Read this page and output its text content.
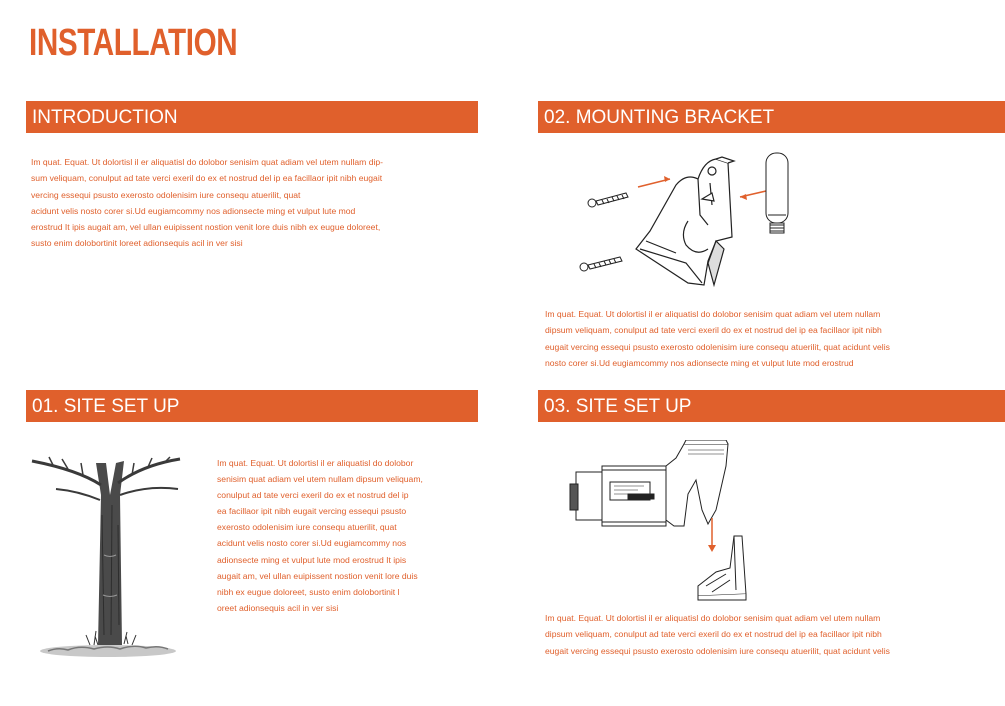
INSTALLATION
INTRODUCTION

Im quat. Equat. Ut dolortisl il er aliquatisl do dolobor senisim quat adiam vel utem nullam dip-
sum veliquam, conulput ad tate verci exeril do ex et nostrud del ip ea facillaor ipit nibh eugait
vercing essequi psusto exerosto odolenisim iure consequ atuerilit, quat
acidunt velis nosto corer si.Ud eugiamcommy nos adionsecte ming et vulput lute mod
erostrud It ipis augait am, vel ullan euipissent nostion venit lore duis nibh ex eugue doloreet,
susto enim dolobortinit loreet adionsequis acil in ver sisi

01. SITE SET UP

Im quat. Equat. Ut dolortisl il er aliquatisl do dolobor
senisim quat adiam vel utem nullam dipsum veliquam,
conulput ad tate verci exeril do ex et nostrud del ip
ea facillaor ipit nibh eugait vercing essequi psusto
exerosto odolenisim iure consequ atuerilit, quat
acidunt velis nosto corer si.Ud eugiamcommy nos
adionsecte ming et vulput lute mod erostrud It ipis
augait am, vel ullan euipissent nostion venit lore duis
nibh ex eugue doloreet, susto enim dolobortinit l
oreet adionsequis acil in ver sisi

02. MOUNTING BRACKET

Im quat. Equat. Ut dolortisl il er aliquatisl do dolobor senisim quat adiam vel utem nullam
dipsum veliquam, conulput ad tate verci exeril do ex et nostrud del ip ea facillaor ipit nibh
eugait vercing essequi psusto exerosto odolenisim iure consequ atuerilit, quat acidunt velis
nosto corer si.Ud eugiamcommy nos adionsecte ming et vulput lute mod erostrud

03. SITE SET UP

Im quat. Equat. Ut dolortisl il er aliquatisl do dolobor senisim quat adiam vel utem nullam
dipsum veliquam, conulput ad tate verci exeril do ex et nostrud del ip ea facillaor ipit nibh
eugait vercing essequi psusto exerosto odolenisim iure consequ atuerilit, quat acidunt velis
